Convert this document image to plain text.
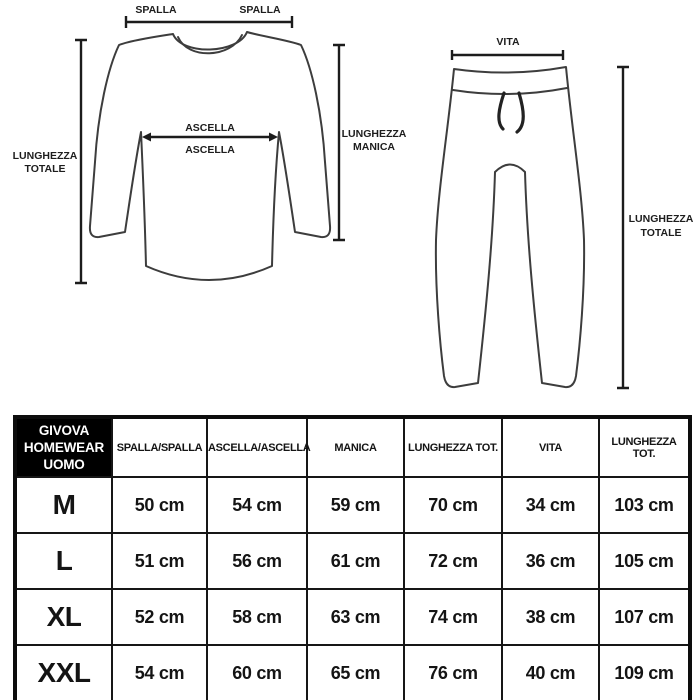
SPALLA	SPALLA
ASCELLA
ASCELLA
LUNGHEZZA
TOTALE
LUNGHEZZA
MANICA
VITA
LUNGHEZZA
TOTALE
GIVOVA
HOMEWEAR
UOMO	SPALLA/SPALLA	ASCELLA/ASCELLA	MANICA	LUNGHEZZA TOT.	VITA	LUNGHEZZA TOT.
M	50 cm	54 cm	59 cm	70 cm	34 cm	103 cm
L	51 cm	56 cm	61 cm	72 cm	36 cm	105 cm
XL	52 cm	58 cm	63 cm	74 cm	38 cm	107 cm
XXL	54 cm	60 cm	65 cm	76 cm	40 cm	109 cm
